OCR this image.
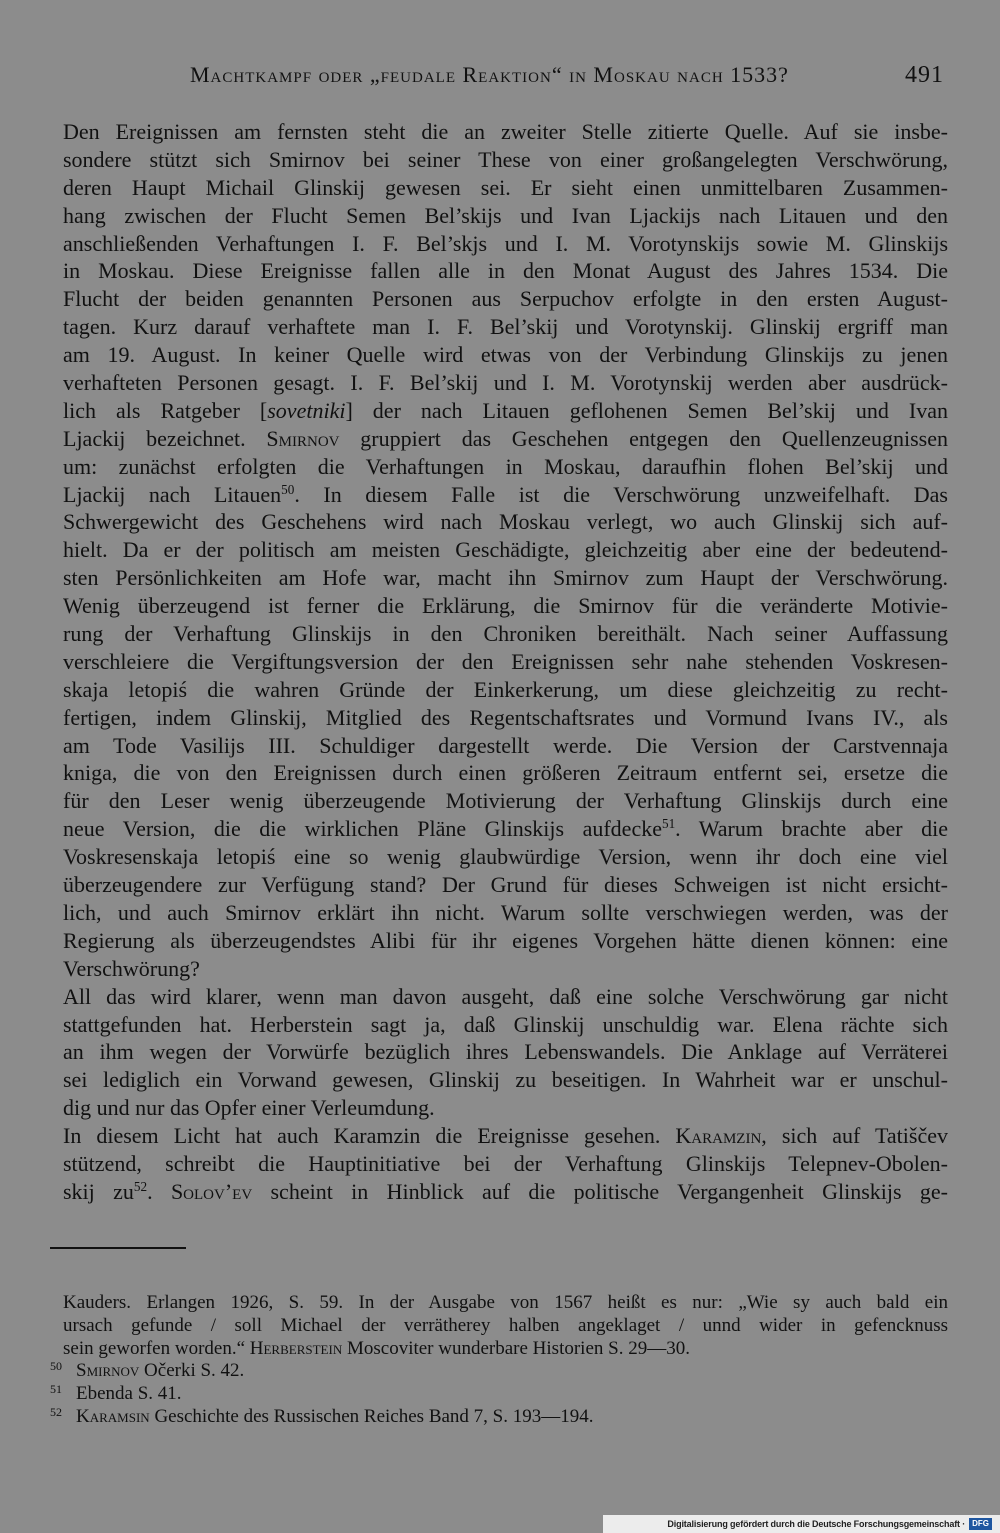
Machtkampf oder „feudale Reaktion“ in Moskau nach 1533?	491
Den Ereignissen am fernsten steht die an zweiter Stelle zitierte Quelle. Auf sie insbe-
sondere stützt sich Smirnov bei seiner These von einer großangelegten Verschwörung,
deren Haupt Michail Glinskij gewesen sei. Er sieht einen unmittelbaren Zusammen-
hang zwischen der Flucht Semen Bel’skijs und Ivan Ljackijs nach Litauen und den
anschließenden Verhaftungen I. F. Bel’skjs und I. M. Vorotynskijs sowie M. Glinskijs
in Moskau. Diese Ereignisse fallen alle in den Monat August des Jahres 1534. Die
Flucht der beiden genannten Personen aus Serpuchov erfolgte in den ersten August-
tagen. Kurz darauf verhaftete man I. F. Bel’skij und Vorotynskij. Glinskij ergriff man
am 19. August. In keiner Quelle wird etwas von der Verbindung Glinskijs zu jenen
verhafteten Personen gesagt. I. F. Bel’skij und I. M. Vorotynskij werden aber ausdrück-
lich als Ratgeber [sovetniki] der nach Litauen geflohenen Semen Bel’skij und Ivan
Ljackij bezeichnet. Smirnov gruppiert das Geschehen entgegen den Quellenzeugnissen
um: zunächst erfolgten die Verhaftungen in Moskau, daraufhin flohen Bel’skij und
Ljackij nach Litauen$^{50}$. In diesem Falle ist die Verschwörung unzweifelhaft. Das
Schwergewicht des Geschehens wird nach Moskau verlegt, wo auch Glinskij sich auf-
hielt. Da er der politisch am meisten Geschädigte, gleichzeitig aber eine der bedeutend-
sten Persönlichkeiten am Hofe war, macht ihn Smirnov zum Haupt der Verschwörung.
Wenig überzeugend ist ferner die Erklärung, die Smirnov für die veränderte Motivie-
rung der Verhaftung Glinskijs in den Chroniken bereithält. Nach seiner Auffassung
verschleiere die Vergiftungsversion der den Ereignissen sehr nahe stehenden Voskresen-
skaja letopiś die wahren Gründe der Einkerkerung, um diese gleichzeitig zu recht-
fertigen, indem Glinskij, Mitglied des Regentschaftsrates und Vormund Ivans IV., als
am Tode Vasilijs III. Schuldiger dargestellt werde. Die Version der Carstvennaja
kniga, die von den Ereignissen durch einen größeren Zeitraum entfernt sei, ersetze die
für den Leser wenig überzeugende Motivierung der Verhaftung Glinskijs durch eine
neue Version, die die wirklichen Pläne Glinskijs aufdecke$^{51}$. Warum brachte aber die
Voskresenskaja letopiś eine so wenig glaubwürdige Version, wenn ihr doch eine viel
überzeugendere zur Verfügung stand? Der Grund für dieses Schweigen ist nicht ersicht-
lich, und auch Smirnov erklärt ihn nicht. Warum sollte verschwiegen werden, was der
Regierung als überzeugendstes Alibi für ihr eigenes Vorgehen hätte dienen können: eine
Verschwörung?
All das wird klarer, wenn man davon ausgeht, daß eine solche Verschwörung gar nicht
stattgefunden hat. Herberstein sagt ja, daß Glinskij unschuldig war. Elena rächte sich
an ihm wegen der Vorwürfe bezüglich ihres Lebenswandels. Die Anklage auf Verräterei
sei lediglich ein Vorwand gewesen, Glinskij zu beseitigen. In Wahrheit war er unschul-
dig und nur das Opfer einer Verleumdung.
In diesem Licht hat auch Karamzin die Ereignisse gesehen. Karamzin, sich auf Tatiščev
stützend, schreibt die Hauptinitiative bei der Verhaftung Glinskijs Telepnev-Obolen-
skij $zu^{52}$. Solov’ev scheint in Hinblick auf die politische Vergangenheit Glinskijs ge-
Kauders. Erlangen 1926, S. 59. In der Ausgabe von 1567 heißt es nur: „Wie sy auch bald ein
ursach gefunde / soll Michael der verrätherey halben angeklaget / unnd wider in gefencknuss
sein geworfen worden.“ Herberstein Moscoviter wunderbare Historien S. 29—30.
50 Smirnov Očerki S. 42.
51 Ebenda S. 41.
52 Karamsin Geschichte des Russischen Reiches Band 7, S. 193—194.
Digitalisierung gefördert durch die Deutsche Forschungsgemeinschaft · DFG
